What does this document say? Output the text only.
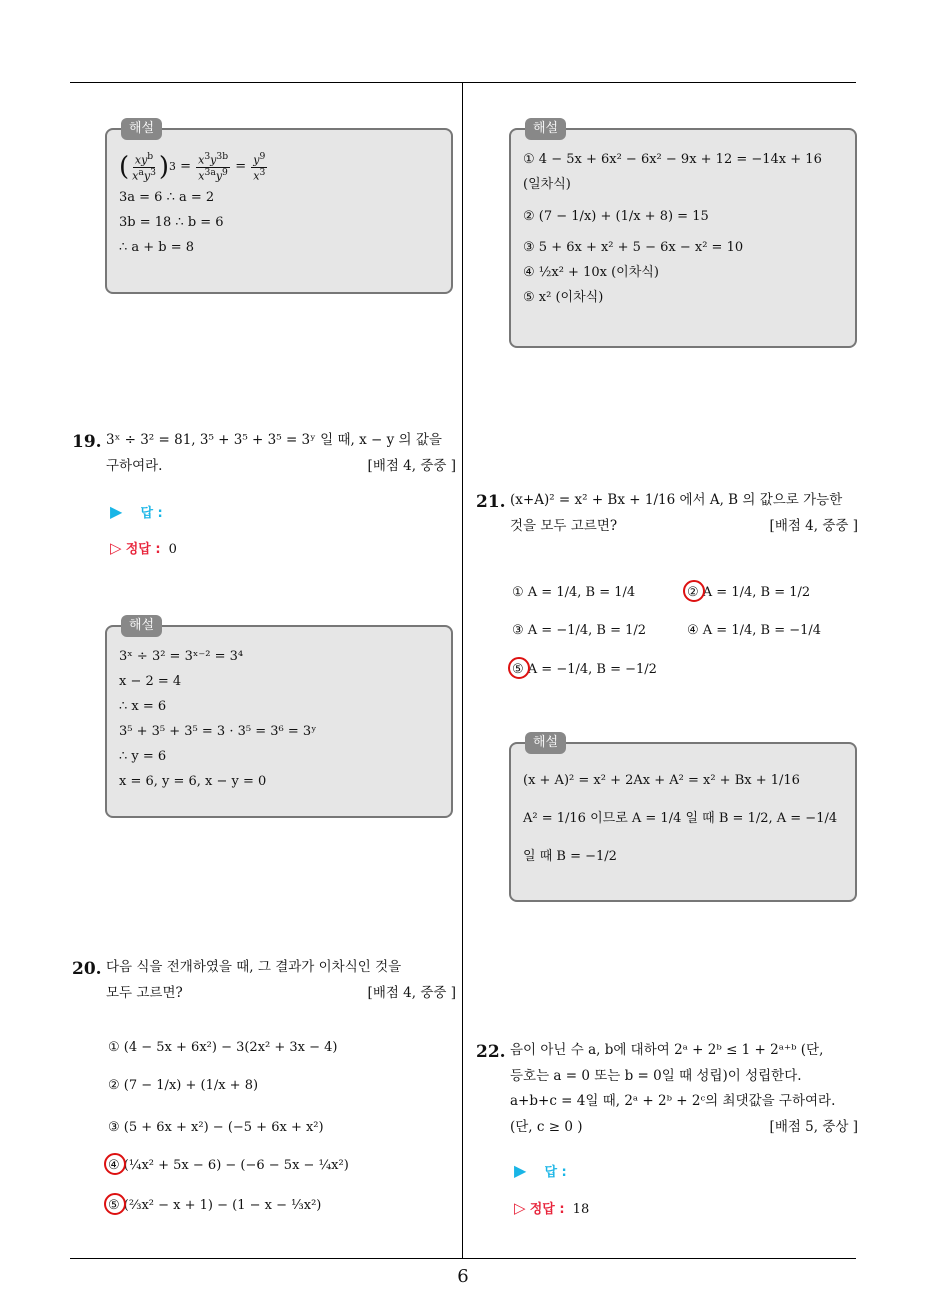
해설
( $\frac{xy^b}{x^ay^3}$ ) $3 = \frac{x^3y^{3b}}{x^{3a}y^9} = \frac{y^9}{x^3}$
3a = 6 ∴ a = 2
3b = 18 ∴ b = 6
∴ a + b = 8
해설
① 4 − 5x + 6x² − 6x² − 9x + 12 = −14x + 16
(일차식)
② (7 − 1/x) + (1/x + 8) = 15
③ 5 + 6x + x² + 5 − 6x − x² = 10
④ ½x² + 10x (이차식)
⑤ x² (이차식)
19. 3ˣ ÷ 3² = 81, 3⁵ + 3⁵ + 3⁵ = 3ʸ 일 때, x − y 의 값을
구하여라.	[배점 4, 중중 ]
▶ 답 :
▷ 정답 : 0
해설
3ˣ ÷ 3² = 3ˣ⁻² = 3⁴
x − 2 = 4
∴ x = 6
3⁵ + 3⁵ + 3⁵ = 3 · 3⁵ = 3⁶ = 3ʸ
∴ y = 6
x = 6, y = 6, x − y = 0
20. 다음 식을 전개하였을 때, 그 결과가 이차식인 것을
모두 고르면?	[배점 4, 중중 ]
① (4 − 5x + 6x²) − 3(2x² + 3x − 4)
② (7 − 1/x) + (1/x + 8)
③ (5 + 6x + x²) − (−5 + 6x + x²)
④ (¼x² + 5x − 6) − (−6 − 5x − ¼x²)
⑤ (⅔x² − x + 1) − (1 − x − ⅓x²)
21. (x+A)² = x² + Bx + 1/16 에서 A, B 의 값으로 가능한
것을 모두 고르면?	[배점 4, 중중 ]
① A = 1/4, B = 1/4	② A = 1/4, B = 1/2
③ A = −1/4, B = 1/2	④ A = 1/4, B = −1/4
⑤ A = −1/4, B = −1/2
해설
(x + A)² = x² + 2Ax + A² = x² + Bx + 1/16
A² = 1/16 이므로 A = 1/4 일 때 B = 1/2, A = −1/4
일 때 B = −1/2
22. 음이 아닌 수 a, b에 대하여 2ᵃ + 2ᵇ ≤ 1 + 2ᵃ⁺ᵇ (단,
등호는 a = 0 또는 b = 0일 때 성립)이 성립한다.
a+b+c = 4일 때, 2ᵃ + 2ᵇ + 2ᶜ의 최댓값을 구하여라.
(단, c ≥ 0 )	[배점 5, 중상 ]
▶ 답 :
▷ 정답 : 18
6
